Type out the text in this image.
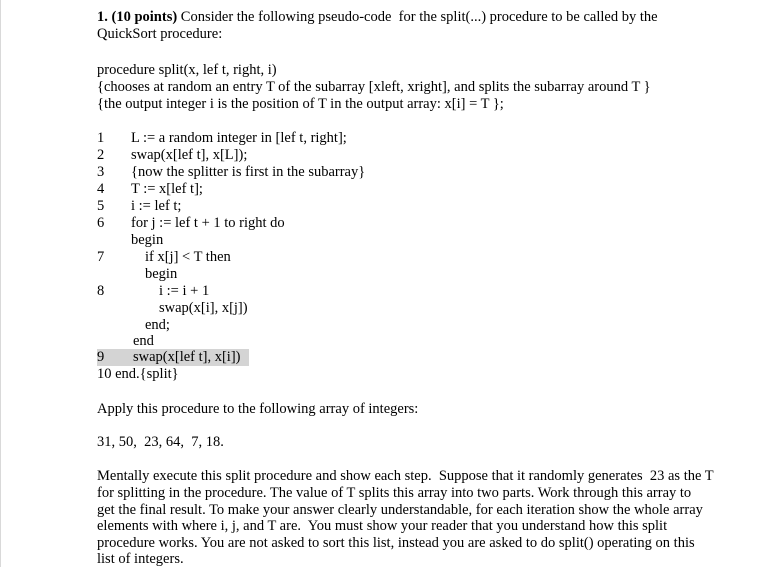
1. (10 points) Consider the following pseudo-code  for the split(...) procedure to be called by the
QuickSort procedure:
procedure split(x, lef t, right, i)
{chooses at random an entry T of the subarray [xleft, xright], and splits the subarray around T }
{the output integer i is the position of T in the output array: x[i] = T };

1

L := a random integer in [lef t, right];

2

swap(x[lef t], x[L]);

3

{now the splitter is first in the subarray}

4

T := x[lef t];

5

i := lef t;

6

for j := lef t + 1 to right do

begin

7

	if x[j] < T then

begin

8

	i := i + 1

swap(x[i], x[j])

end;

end

9

swap(x[lef t], x[i])

10 end.{split}

Apply this procedure to the following array of integers:
31, 50,  23, 64,  7, 18.
Mentally execute this split procedure and show each step.  Suppose that it randomly generates  23 as the T
for splitting in the procedure. The value of T splits this array into two parts. Work through this array to
get the final result. To make your answer clearly understandable, for each iteration show the whole array
elements with where i, j, and T are.  You must show your reader that you understand how this split
procedure works. You are not asked to sort this list, instead you are asked to do split() operating on this
list of integers.
